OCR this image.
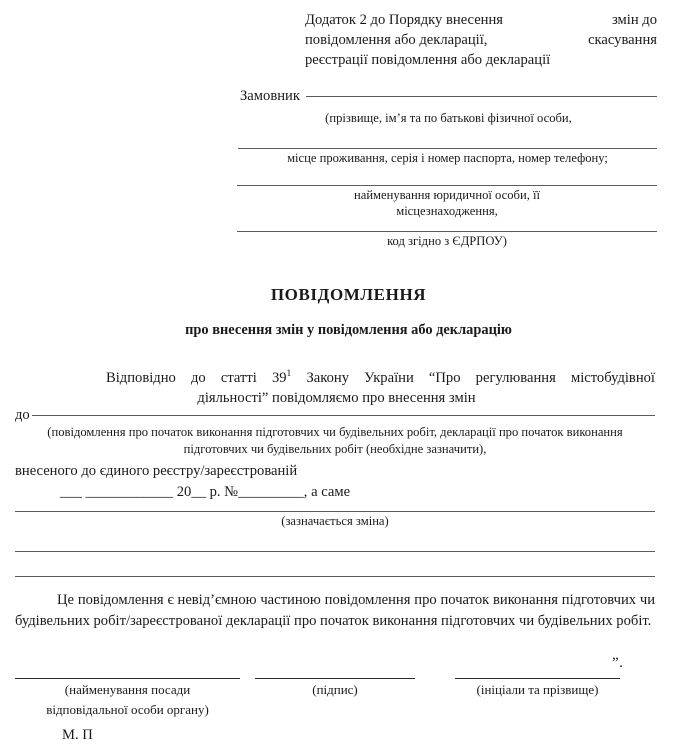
Додаток 2 до Порядку внесення	змін до
повідомлення або декларації,	скасування
реєстрації повідомлення або декларації
Замовник
(прізвище, ім’я та по батькові фізичної особи,
місце проживання, серія і номер паспорта, номер телефону;
найменування юридичної особи, її
місцезнаходження,
код згідно з ЄДРПОУ)
ПОВІДОМЛЕННЯ
про внесення змін у повідомлення або декларацію
Відповідно до статті $39^1$ Закону України “Про регулювання містобудівної
діяльності” повідомляємо про внесення змін
до
(повідомлення про початок виконання підготовчих чи будівельних робіт, декларації про початок виконання
підготовчих чи будівельних робіт (необхідне зазначити),
внесеного до єдиного реєстру/зареєстрованій
___ ____________ 20__ р. №_________, а саме
(зазначається зміна)
Це повідомлення є невід’ємною частиною повідомлення про початок виконання підготовчих чи будівельних робіт/зареєстрованої декларації про початок виконання підготовчих чи будівельних робіт.
”.
(найменування посади
відповідальної особи органу)
(підпис)	(ініціали та прізвище)
М. П
